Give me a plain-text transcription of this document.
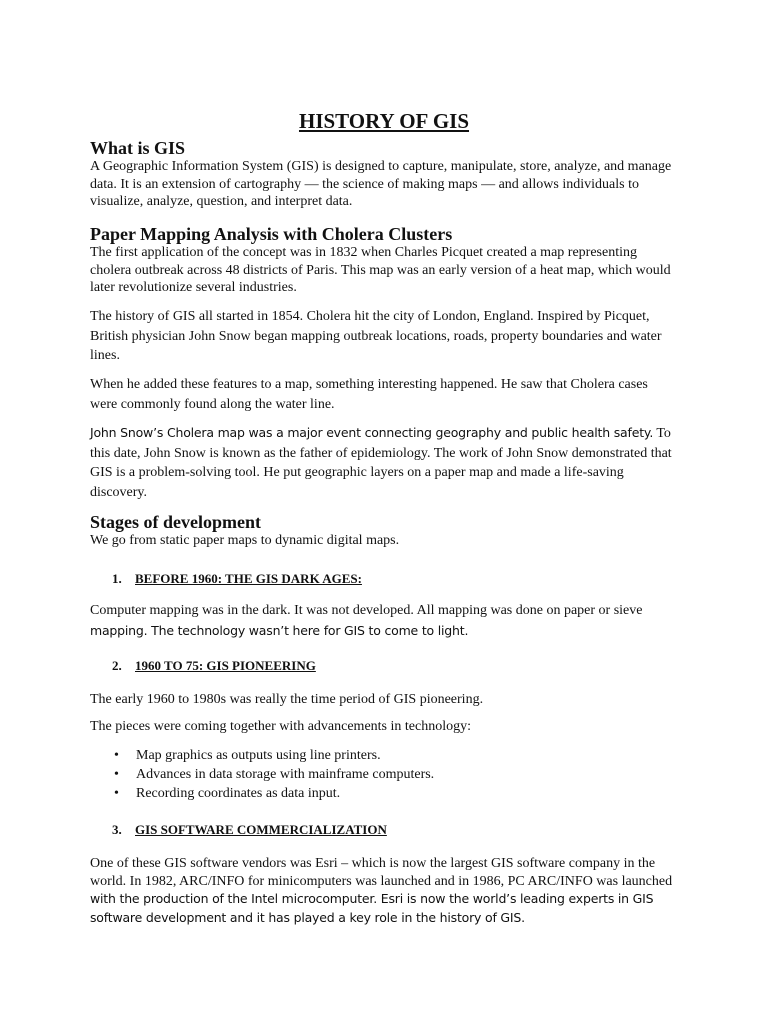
HISTORY OF GIS
What is GIS

A Geographic Information System (GIS) is designed to capture, manipulate, store, analyze, and manage data. It is an extension of cartography — the science of making maps — and allows individuals to visualize, analyze, question, and interpret data.

Paper Mapping Analysis with Cholera Clusters

The first application of the concept was in 1832 when Charles Picquet created a map representing cholera outbreak across 48 districts of Paris. This map was an early version of a heat map, which would later revolutionize several industries.

The history of GIS all started in 1854. Cholera hit the city of London, England. Inspired by Picquet, British physician John Snow began mapping outbreak locations, roads, property boundaries and water lines.

When he added these features to a map, something interesting happened. He saw that Cholera cases were commonly found along the water line.

John Snow’s Cholera map was a major event connecting geography and public health safety. To this date, John Snow is known as the father of epidemiology. The work of John Snow demonstrated that GIS is a problem-solving tool. He put geographic layers on a paper map and made a life-saving discovery.

Stages of development

We go from static paper maps to dynamic digital maps.

1. BEFORE 1960: THE GIS DARK AGES:

Computer mapping was in the dark. It was not developed. All mapping was done on paper or sieve mapping. The technology wasn’t here for GIS to come to light.

2. 1960 TO 75: GIS PIONEERING

The early 1960 to 1980s was really the time period of GIS pioneering.

The pieces were coming together with advancements in technology:

• Map graphics as outputs using line printers.
• Advances in data storage with mainframe computers.
• Recording coordinates as data input.

3. GIS SOFTWARE COMMERCIALIZATION

One of these GIS software vendors was Esri – which is now the largest GIS software company in the world. In 1982, ARC/INFO for minicomputers was launched and in 1986, PC ARC/INFO was launched with the production of the Intel microcomputer. Esri is now the world’s leading experts in GIS software development and it has played a key role in the history of GIS.
